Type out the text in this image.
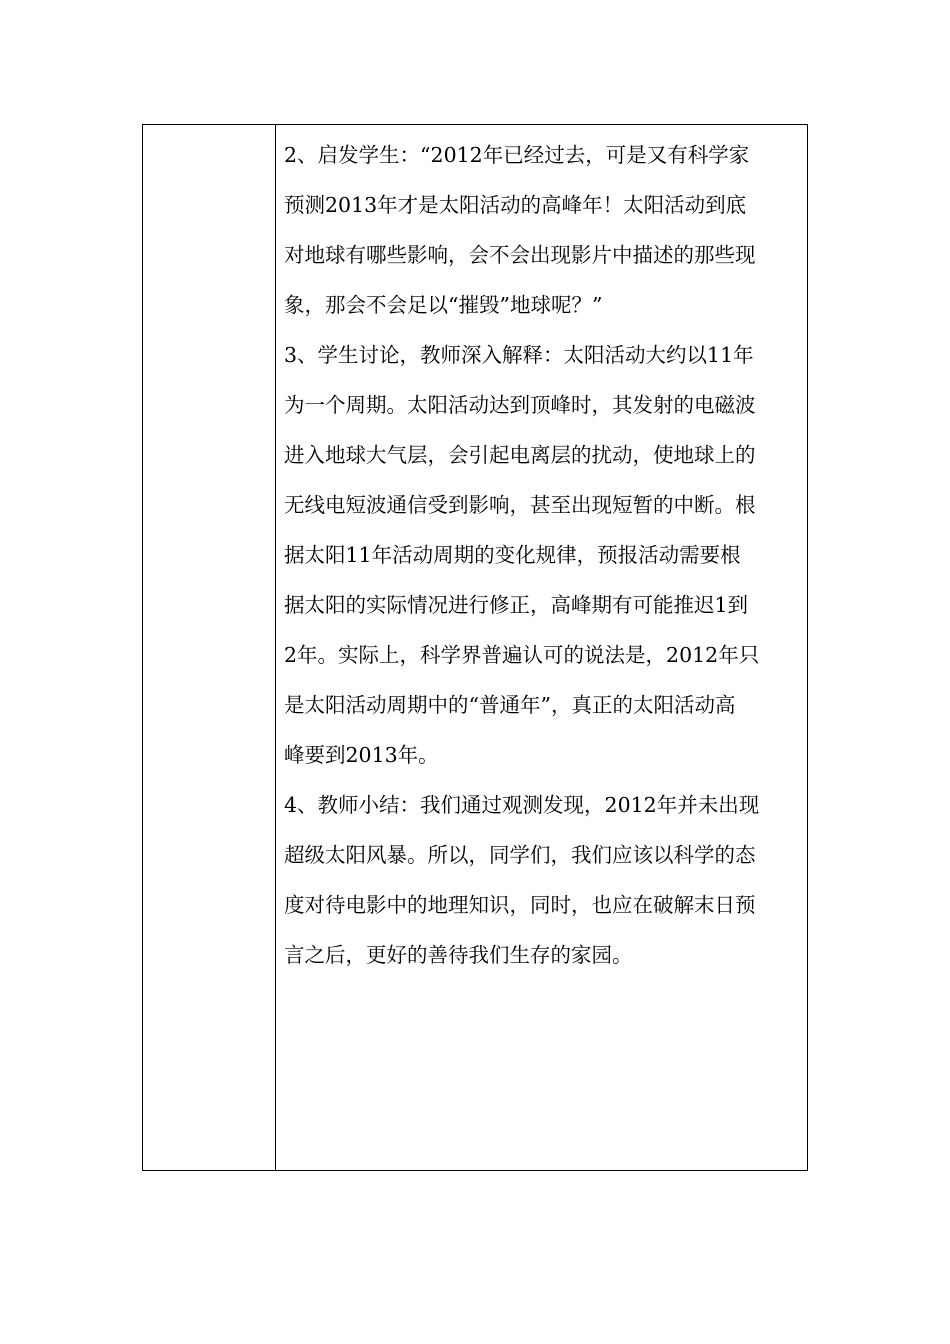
2、启发学生：“2012年已经过去，可是又有科学家
预测2013年才是太阳活动的高峰年！太阳活动到底
对地球有哪些影响，会不会出现影片中描述的那些现
象，那会不会足以“摧毁”地球呢？”

3、学生讨论，教师深入解释：太阳活动大约以11年
为一个周期。太阳活动达到顶峰时，其发射的电磁波
进入地球大气层，会引起电离层的扰动，使地球上的
无线电短波通信受到影响，甚至出现短暂的中断。根
据太阳11年活动周期的变化规律，预报活动需要根
据太阳的实际情况进行修正，高峰期有可能推迟1到
2年。实际上，科学界普遍认可的说法是，2012年只
是太阳活动周期中的“普通年”，真正的太阳活动高
峰要到2013年。

4、教师小结：我们通过观测发现，2012年并未出现
超级太阳风暴。所以，同学们，我们应该以科学的态
度对待电影中的地理知识，同时，也应在破解末日预
言之后，更好的善待我们生存的家园。
